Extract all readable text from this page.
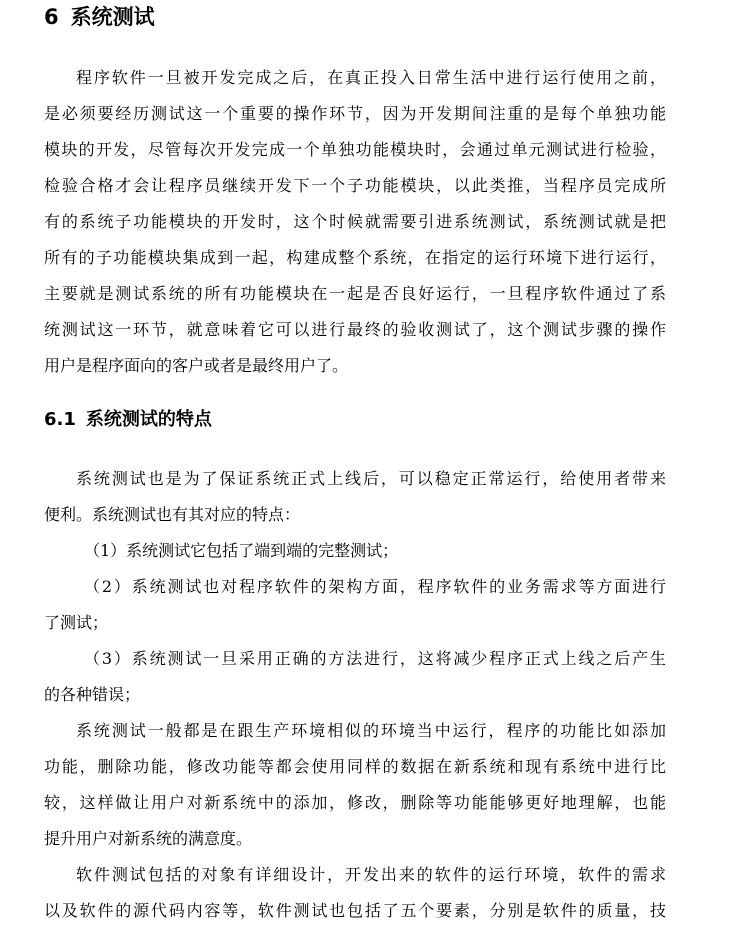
6 系统测试
程序软件一旦被开发完成之后，在真正投入日常生活中进行运行使用之前，
是必须要经历测试这一个重要的操作环节，因为开发期间注重的是每个单独功能
模块的开发，尽管每次开发完成一个单独功能模块时，会通过单元测试进行检验，
检验合格才会让程序员继续开发下一个子功能模块，以此类推，当程序员完成所
有的系统子功能模块的开发时，这个时候就需要引进系统测试，系统测试就是把
所有的子功能模块集成到一起，构建成整个系统，在指定的运行环境下进行运行，
主要就是测试系统的所有功能模块在一起是否良好运行，一旦程序软件通过了系
统测试这一环节，就意味着它可以进行最终的验收测试了，这个测试步骤的操作
用户是程序面向的客户或者是最终用户了。
6.1 系统测试的特点
系统测试也是为了保证系统正式上线后，可以稳定正常运行，给使用者带来
便利。系统测试也有其对应的特点：
（1）系统测试它包括了端到端的完整测试；
（2）系统测试也对程序软件的架构方面，程序软件的业务需求等方面进行
了测试；
（3）系统测试一旦采用正确的方法进行，这将减少程序正式上线之后产生
的各种错误；
系统测试一般都是在跟生产环境相似的环境当中运行，程序的功能比如添加
功能，删除功能，修改功能等都会使用同样的数据在新系统和现有系统中进行比
较，这样做让用户对新系统中的添加，修改，删除等功能能够更好地理解，也能
提升用户对新系统的满意度。
软件测试包括的对象有详细设计，开发出来的软件的运行环境，软件的需求
以及软件的源代码内容等，软件测试也包括了五个要素，分别是软件的质量，技
